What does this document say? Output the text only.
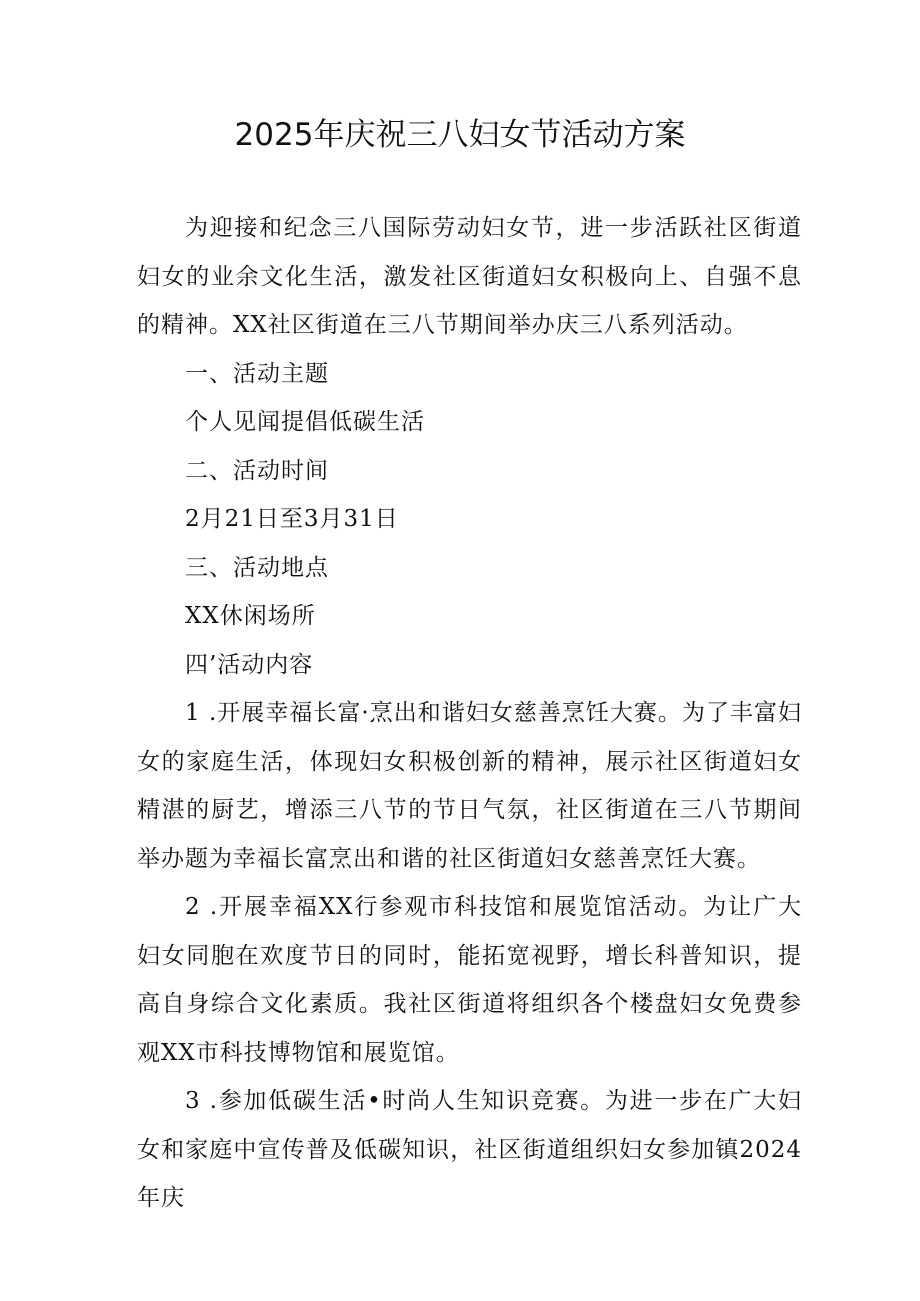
2025年庆祝三八妇女节活动方案

为迎接和纪念三八国际劳动妇女节，进一步活跃社区街道妇女的业余文化生活，激发社区街道妇女积极向上、自强不息的精神。XX社区街道在三八节期间举办庆三八系列活动。

一、活动主题

个人见闻提倡低碳生活

二、活动时间

2月21日至3月31日

三、活动地点

XX休闲场所

四’活动内容

1 .开展幸福长富·烹出和谐妇女慈善烹饪大赛。为了丰富妇女的家庭生活，体现妇女积极创新的精神，展示社区街道妇女精湛的厨艺，增添三八节的节日气氛，社区街道在三八节期间举办题为幸福长富烹出和谐的社区街道妇女慈善烹饪大赛。

2 .开展幸福XX行参观市科技馆和展览馆活动。为让广大妇女同胞在欢度节日的同时，能拓宽视野，增长科普知识，提高自身综合文化素质。我社区街道将组织各个楼盘妇女免费参观XX市科技博物馆和展览馆。

3 .参加低碳生活•时尚人生知识竞赛。为进一步在广大妇女和家庭中宣传普及低碳知识，社区街道组织妇女参加镇2024年庆
